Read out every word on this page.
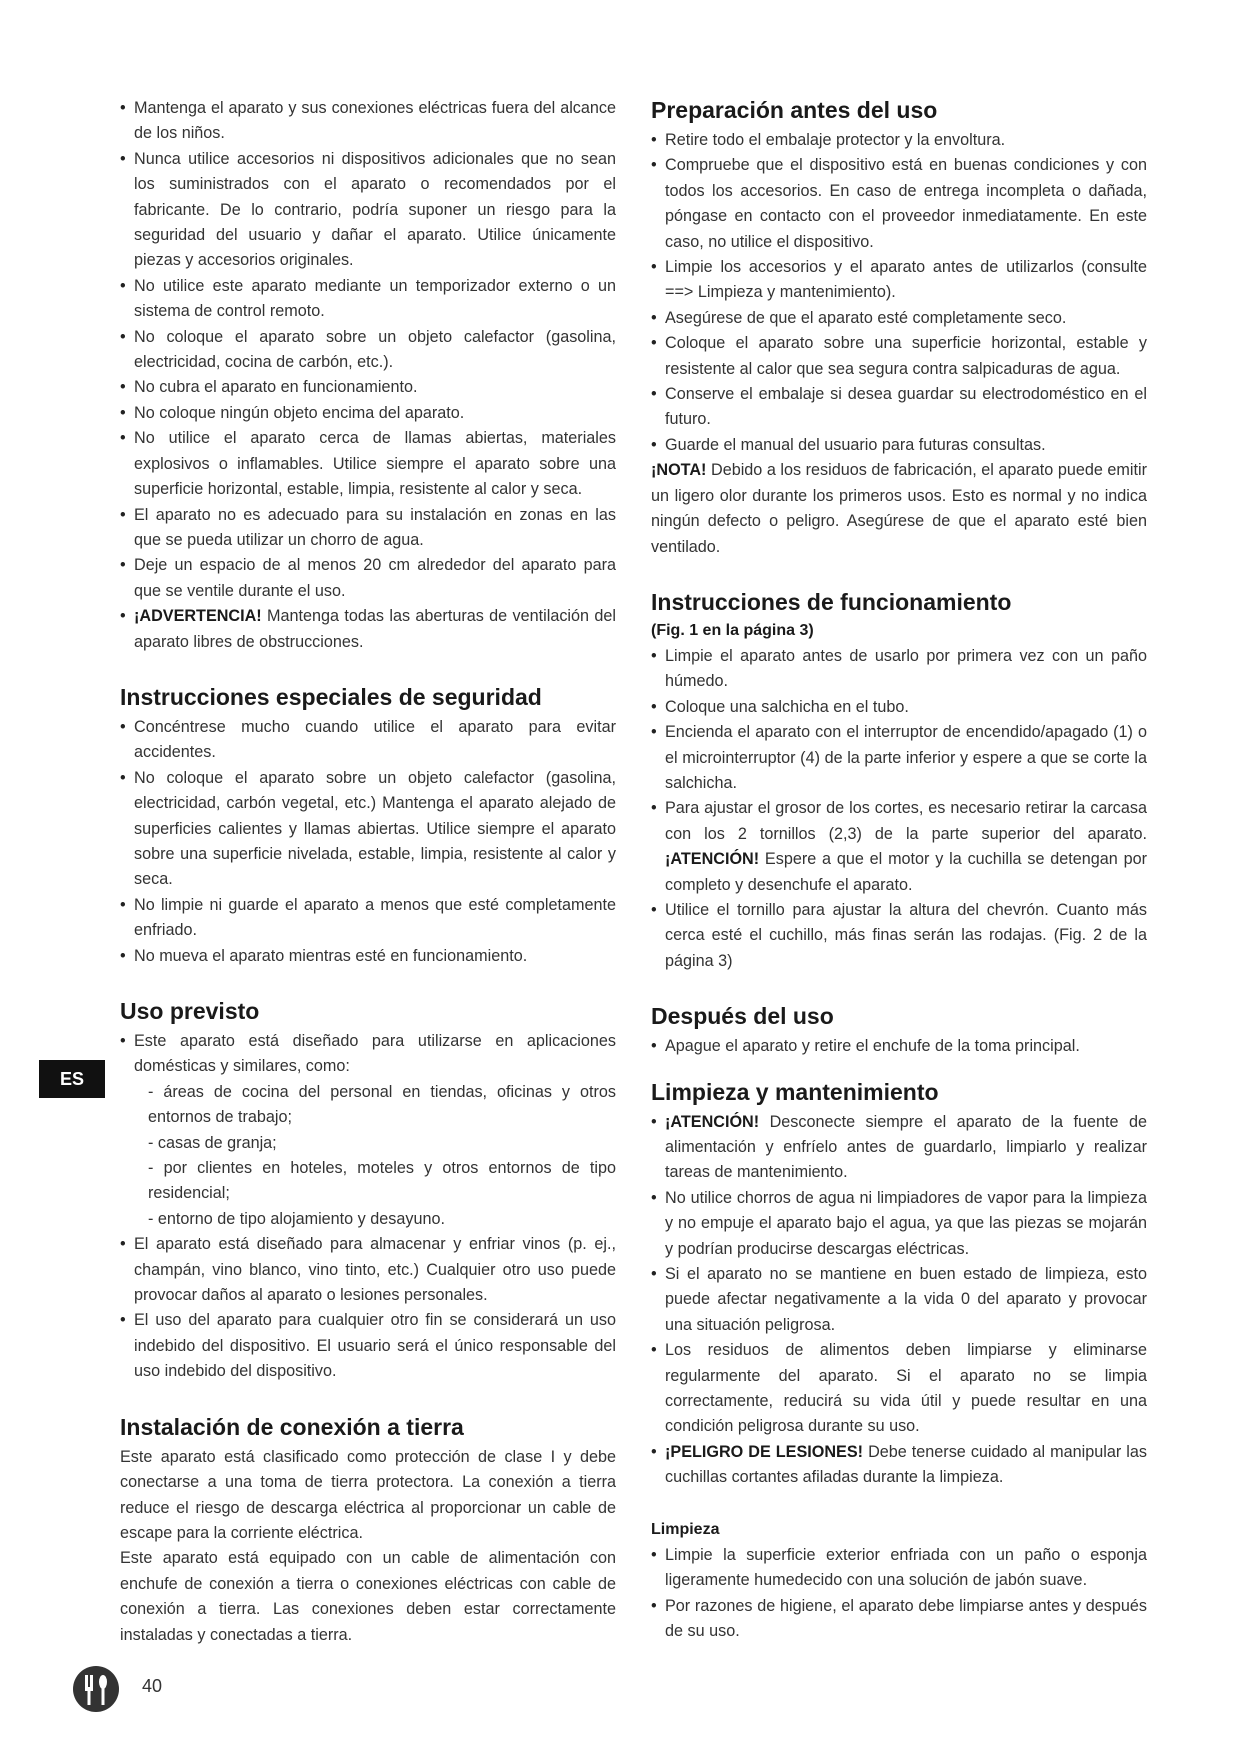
• Mantenga el aparato y sus conexiones eléctricas fuera del alcance de los niños.
• Nunca utilice accesorios ni dispositivos adicionales que no sean los suministrados con el aparato o recomendados por el fabricante. De lo contrario, podría suponer un riesgo para la seguridad del usuario y dañar el aparato. Utilice únicamente piezas y accesorios originales.
• No utilice este aparato mediante un temporizador externo o un sistema de control remoto.
• No coloque el aparato sobre un objeto calefactor (gasolina, electricidad, cocina de carbón, etc.).
• No cubra el aparato en funcionamiento.
• No coloque ningún objeto encima del aparato.
• No utilice el aparato cerca de llamas abiertas, materiales explosivos o inflamables. Utilice siempre el aparato sobre una superficie horizontal, estable, limpia, resistente al calor y seca.
• El aparato no es adecuado para su instalación en zonas en las que se pueda utilizar un chorro de agua.
• Deje un espacio de al menos 20 cm alrededor del aparato para que se ventile durante el uso.
• ¡ADVERTENCIA! Mantenga todas las aberturas de ventilación del aparato libres de obstrucciones.
Instrucciones especiales de seguridad
• Concéntrese mucho cuando utilice el aparato para evitar accidentes.
• No coloque el aparato sobre un objeto calefactor (gasolina, electricidad, carbón vegetal, etc.) Mantenga el aparato alejado de superficies calientes y llamas abiertas. Utilice siempre el aparato sobre una superficie nivelada, estable, limpia, resistente al calor y seca.
• No limpie ni guarde el aparato a menos que esté completamente enfriado.
• No mueva el aparato mientras esté en funcionamiento.
Uso previsto
• Este aparato está diseñado para utilizarse en aplicaciones domésticas y similares, como:

- áreas de cocina del personal en tiendas, oficinas y otros entornos de trabajo;

- casas de granja;

- por clientes en hoteles, moteles y otros entornos de tipo residencial;

- entorno de tipo alojamiento y desayuno.

• El aparato está diseñado para almacenar y enfriar vinos (p. ej., champán, vino blanco, vino tinto, etc.) Cualquier otro uso puede provocar daños al aparato o lesiones personales.
• El uso del aparato para cualquier otro fin se considerará un uso indebido del dispositivo. El usuario será el único responsable del uso indebido del dispositivo.
Instalación de conexión a tierra

Este aparato está clasificado como protección de clase I y debe conectarse a una toma de tierra protectora. La conexión a tierra reduce el riesgo de descarga eléctrica al proporcionar un cable de escape para la corriente eléctrica.

Este aparato está equipado con un cable de alimentación con enchufe de conexión a tierra o conexiones eléctricas con cable de conexión a tierra. Las conexiones deben estar correctamente instaladas y conectadas a tierra.

Preparación antes del uso
• Retire todo el embalaje protector y la envoltura.
• Compruebe que el dispositivo está en buenas condiciones y con todos los accesorios. En caso de entrega incompleta o dañada, póngase en contacto con el proveedor inmediatamente. En este caso, no utilice el dispositivo.
• Limpie los accesorios y el aparato antes de utilizarlos (consulte ==> Limpieza y mantenimiento).
• Asegúrese de que el aparato esté completamente seco.
• Coloque el aparato sobre una superficie horizontal, estable y resistente al calor que sea segura contra salpicaduras de agua.
• Conserve el embalaje si desea guardar su electrodoméstico en el futuro.
• Guarde el manual del usuario para futuras consultas.

¡NOTA! Debido a los residuos de fabricación, el aparato puede emitir un ligero olor durante los primeros usos. Esto es normal y no indica ningún defecto o peligro. Asegúrese de que el aparato esté bien ventilado.

Instrucciones de funcionamiento
(Fig. 1 en la página 3)
• Limpie el aparato antes de usarlo por primera vez con un paño húmedo.
• Coloque una salchicha en el tubo.
• Encienda el aparato con el interruptor de encendido/apagado (1) o el microinterruptor (4) de la parte inferior y espere a que se corte la salchicha.
• Para ajustar el grosor de los cortes, es necesario retirar la carcasa con los 2 tornillos (2,3) de la parte superior del aparato. ¡ATENCIÓN! Espere a que el motor y la cuchilla se detengan por completo y desenchufe el aparato.
• Utilice el tornillo para ajustar la altura del chevrón. Cuanto más cerca esté el cuchillo, más finas serán las rodajas. (Fig. 2 de la página 3)
Después del uso
• Apague el aparato y retire el enchufe de la toma principal.
Limpieza y mantenimiento
• ¡ATENCIÓN! Desconecte siempre el aparato de la fuente de alimentación y enfríelo antes de guardarlo, limpiarlo y realizar tareas de mantenimiento.
• No utilice chorros de agua ni limpiadores de vapor para la limpieza y no empuje el aparato bajo el agua, ya que las piezas se mojarán y podrían producirse descargas eléctricas.
• Si el aparato no se mantiene en buen estado de limpieza, esto puede afectar negativamente a la vida 0 del aparato y provocar una situación peligrosa.
• Los residuos de alimentos deben limpiarse y eliminarse regularmente del aparato. Si el aparato no se limpia correctamente, reducirá su vida útil y puede resultar en una condición peligrosa durante su uso.
• ¡PELIGRO DE LESIONES! Debe tenerse cuidado al manipular las cuchillas cortantes afiladas durante la limpieza.
Limpieza
• Limpie la superficie exterior enfriada con un paño o esponja ligeramente humedecido con una solución de jabón suave.
• Por razones de higiene, el aparato debe limpiarse antes y después de su uso.
ES
40
